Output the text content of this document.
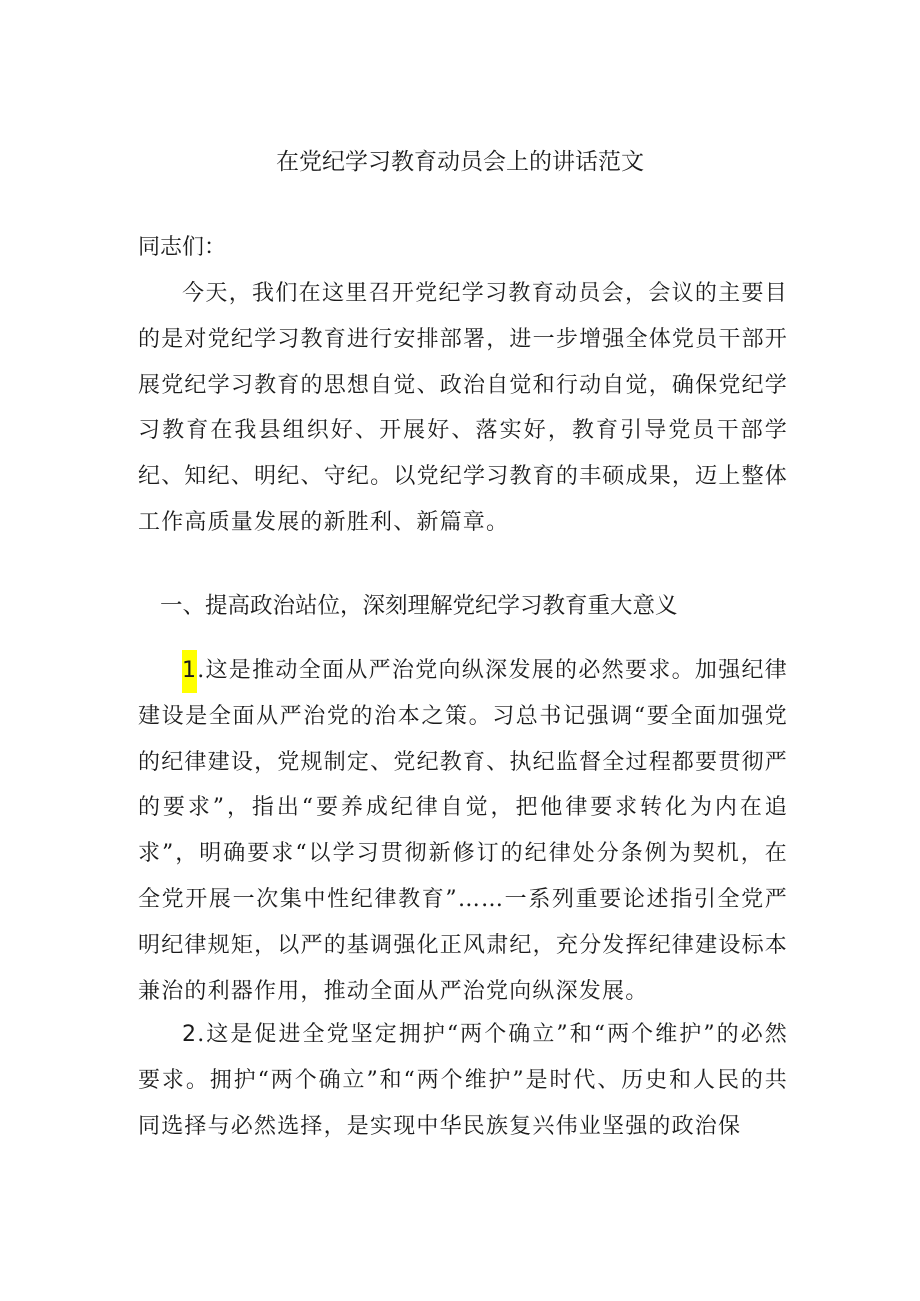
在党纪学习教育动员会上的讲话范文

同志们：

今天，我们在这里召开党纪学习教育动员会，会议的主要目的是对党纪学习教育进行安排部署，进一步增强全体党员干部开展党纪学习教育的思想自觉、政治自觉和行动自觉，确保党纪学习教育在我县组织好、开展好、落实好，教育引导党员干部学纪、知纪、明纪、守纪。以党纪学习教育的丰硕成果，迈上整体工作高质量发展的新胜利、新篇章。

一、提高政治站位，深刻理解党纪学习教育重大意义

1.这是推动全面从严治党向纵深发展的必然要求。加强纪律建设是全面从严治党的治本之策。习总书记强调“要全面加强党的纪律建设，党规制定、党纪教育、执纪监督全过程都要贯彻严的要求”，指出“要养成纪律自觉，把他律要求转化为内在追求”，明确要求“以学习贯彻新修订的纪律处分条例为契机，在全党开展一次集中性纪律教育”……一系列重要论述指引全党严明纪律规矩，以严的基调强化正风肃纪，充分发挥纪律建设标本兼治的利器作用，推动全面从严治党向纵深发展。

2.这是促进全党坚定拥护“两个确立”和“两个维护”的必然要求。拥护“两个确立”和“两个维护”是时代、历史和人民的共同选择与必然选择，是实现中华民族复兴伟业坚强的政治保
